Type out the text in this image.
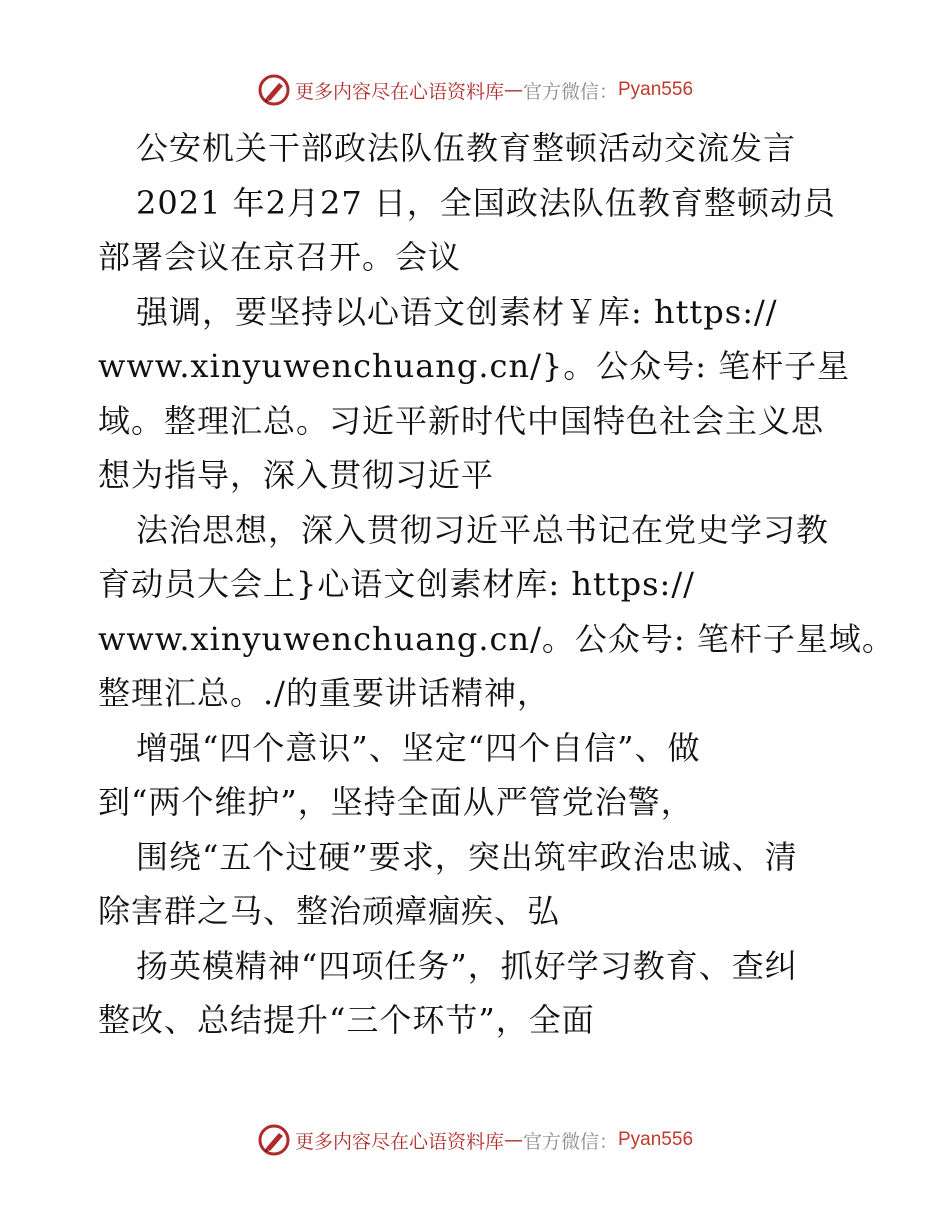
更多内容尽在心语资料库 — 官方微信： Pyan556
公安机关干部政法队伍教育整顿活动交流发言
2021 年2月27 日，全国政法队伍教育整顿动员
部署会议在京召开。会议
强调，要坚持以心语文创素材￥库: https://
www.xinyuwenchuang.cn/}。公众号: 笔杆子星
域。整理汇总。习近平新时代中国特色社会主义思
想为指导，深入贯彻习近平
法治思想，深入贯彻习近平总书记在党史学习教
育动员大会上}心语文创素材库: https://
www.xinyuwenchuang.cn/。公众号: 笔杆子星域。
整理汇总。./的重要讲话精神，
增强“四个意识”、坚定“四个自信”、做
到“两个维护”，坚持全面从严管党治警，
围绕“五个过硬”要求，突出筑牢政治忠诚、清
除害群之马、整治顽瘴痼疾、弘
扬英模精神“四项任务”，抓好学习教育、查纠
整改、总结提升“三个环节”，全面
更多内容尽在心语资料库 — 官方微信： Pyan556
